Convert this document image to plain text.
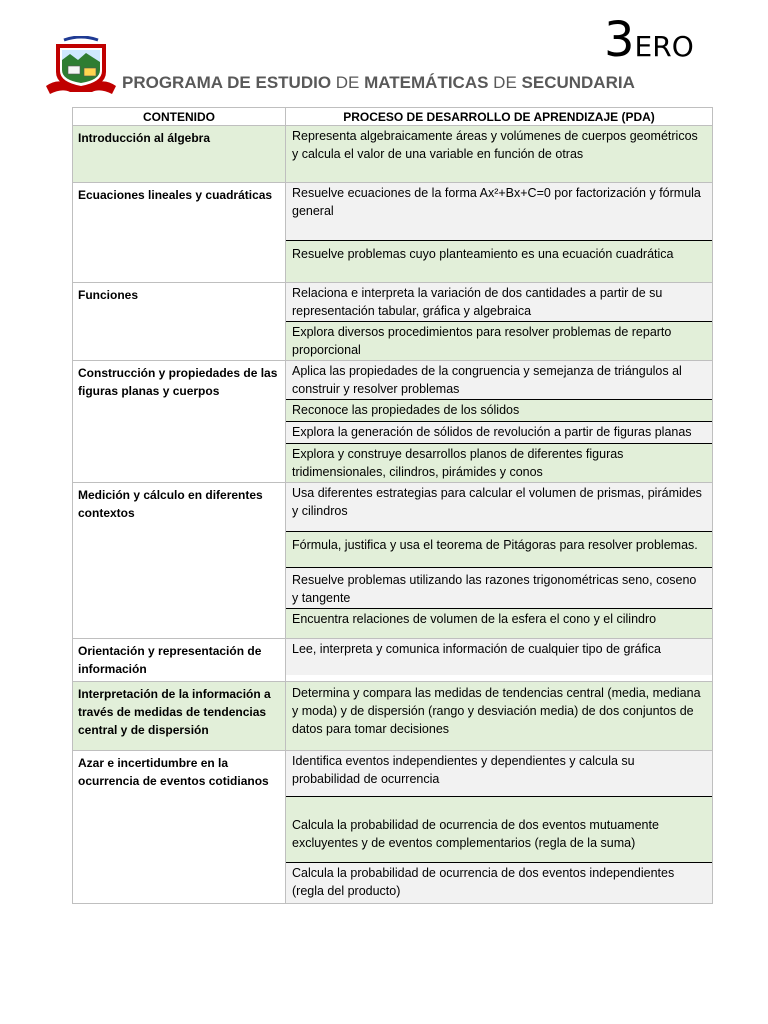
3ERO
PROGRAMA DE ESTUDIO DE MATEMÁTICAS DE SECUNDARIA
CONTENIDO	PROCESO DE DESARROLLO DE APRENDIZAJE (PDA)
Introducción al álgebra	Representa algebraicamente áreas y volúmenes de cuerpos geométricos y calcula el valor de una variable en función de otras

Ecuaciones lineales y cuadráticas	Resuelve ecuaciones de la forma Ax²+Bx+C=0 por factorización y fórmula general
Resuelve problemas cuyo planteamiento es una ecuación cuadrática

Funciones	Relaciona e interpreta la variación de dos cantidades a partir de su representación tabular, gráfica y algebraica
Explora diversos procedimientos para resolver problemas de reparto proporcional

Construcción y propiedades de las figuras planas y cuerpos	Aplica las propiedades de la congruencia y semejanza de triángulos al construir y resolver problemas
Reconoce las propiedades de los sólidos
Explora la generación de sólidos de revolución a partir de figuras planas
Explora y construye desarrollos planos de diferentes figuras tridimensionales, cilindros, pirámides y conos

Medición y cálculo en diferentes contextos	Usa diferentes estrategias para calcular el volumen de prismas, pirámides y cilindros
Fórmula, justifica y usa el teorema de Pitágoras para resolver problemas.
Resuelve problemas utilizando las razones trigonométricas seno, coseno y tangente
Encuentra relaciones de volumen de la esfera el cono y el cilindro

Orientación y representación de información	Lee, interpreta y comunica información de cualquier tipo de gráfica

Interpretación de la información a través de medidas de tendencias central y de dispersión	Determina y compara las medidas de tendencias central (media, mediana y moda) y de dispersión (rango y desviación media) de dos conjuntos de datos para tomar decisiones

Azar e incertidumbre en la ocurrencia de eventos cotidianos	Identifica eventos independientes y dependientes y calcula su probabilidad de ocurrencia
Calcula la probabilidad de ocurrencia de dos eventos mutuamente excluyentes y de eventos complementarios (regla de la suma)
Calcula la probabilidad de ocurrencia de dos eventos independientes (regla del producto)
